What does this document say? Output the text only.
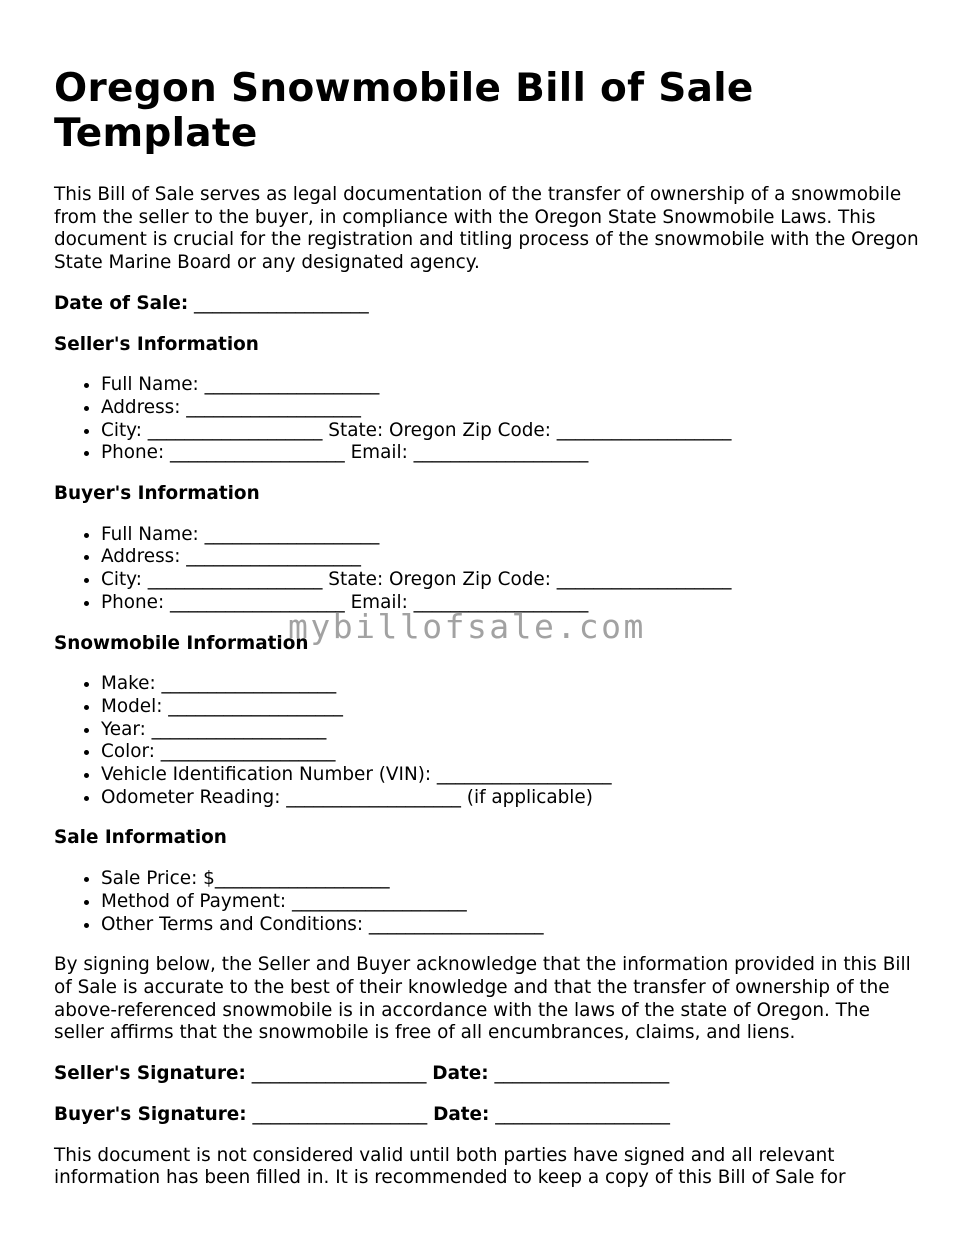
Oregon Snowmobile Bill of Sale Template

This Bill of Sale serves as legal documentation of the transfer of ownership of a snowmobile from the seller to the buyer, in compliance with the Oregon State Snowmobile Laws. This document is crucial for the registration and titling process of the snowmobile with the Oregon State Marine Board or any designated agency.

Date of Sale: ___________________

Seller's Information

• Full Name: ___________________
• Address: ___________________
• City: ___________________ State: Oregon Zip Code: ___________________
• Phone: ___________________ Email: ___________________

Buyer's Information

• Full Name: ___________________
• Address: ___________________
• City: ___________________ State: Oregon Zip Code: ___________________
• Phone: ___________________ Email: ___________________

Snowmobile Information

• Make: ___________________
• Model: ___________________
• Year: ___________________
• Color: ___________________
• Vehicle Identification Number (VIN): ___________________
• Odometer Reading: ___________________ (if applicable)

Sale Information

• Sale Price: $___________________
• Method of Payment: ___________________
• Other Terms and Conditions: ___________________

By signing below, the Seller and Buyer acknowledge that the information provided in this Bill of Sale is accurate to the best of their knowledge and that the transfer of ownership of the above-referenced snowmobile is in accordance with the laws of the state of Oregon. The seller affirms that the snowmobile is free of all encumbrances, claims, and liens.

Seller's Signature: ___________________ Date: ___________________

Buyer's Signature: ___________________ Date: ___________________

This document is not considered valid until both parties have signed and all relevant information has been filled in. It is recommended to keep a copy of this Bill of Sale for

mybillofsale.com
